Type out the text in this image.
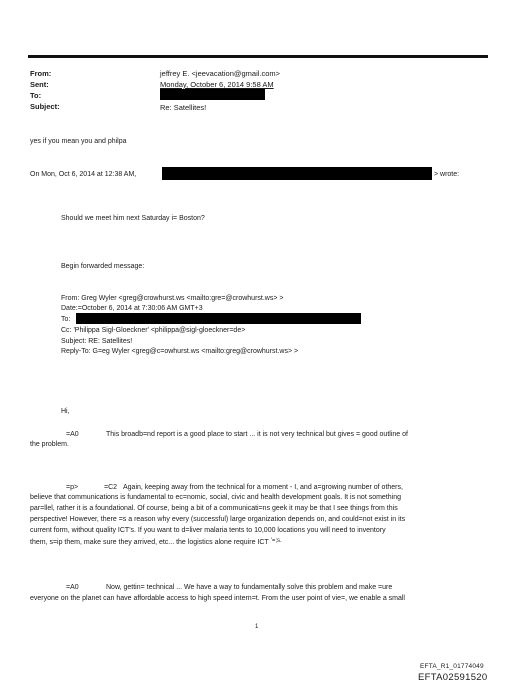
From:	jeffrey E. <jeevacation@gmail.com>
Sent:	Monday, October 6, 2014 9:58 AM
To:
Subject:	Re: Satellites!
yes if you mean you and philpa
On Mon, Oct 6, 2014 at 12:38 AM,	> wrote:
Should we meet him next Saturday i= Boston?
Begin forwarded message:
From: Greg Wyler <greg@crowhurst.ws <mailto:gre=@crowhurst.ws> >
Date:=October 6, 2014 at 7:30:06 AM GMT+3
To:
Cc: 'Philippa Sigl-Gloeckner' <philippa@sigl-gloeckner=de>
Subject: RE: Satellites!
Reply-To: G=eg Wyler <greg@c=owhurst.ws <mailto:greg@crowhurst.ws> >
Hi,
=A0	This broadb=nd report is a good place to start ... it is not very technical but gives = good outline of
the problem.
=p>	=C2 Again, keeping away from the technical for a moment - I, and a=growing number of others,
believe that communications is fundamental to ec=nomic, social, civic and health development goals. It is not something
par=llel, rather it is a foundational. Of course, being a bit of a communicati=ns geek it may be that I see things from this
perspective! However, there =s a reason why every (successful) large organization depends on, and could=not exist in its
current form, without quality ICT's. If you want to d=liver malaria tents to 10,000 locations you will need to inventory
them, s=ip them, make sure they arrived, etc... the logistics alone require ICT '=;s.
=A0	Now, gettin= technical ... We have a way to fundamentally solve this problem and make =ure
everyone on the planet can have affordable access to high speed intern=t. From the user point of vie=, we enable a small
1
EFTA_R1_01774049
EFTA02591520
